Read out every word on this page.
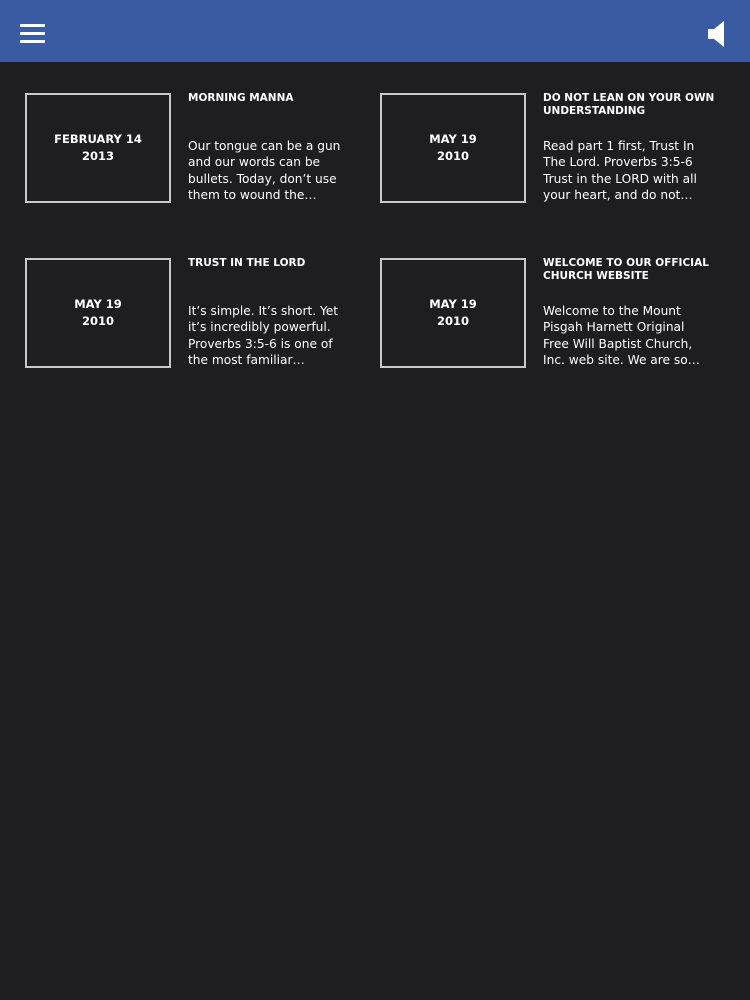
FEBRUARY 14
2013
MORNING MANNA
Our tongue can be a gun and our words can be bullets. Today, don’t use them to wound the…
MAY 19
2010
DO NOT LEAN ON YOUR OWN UNDERSTANDING
Read part 1 first, Trust In The Lord. Proverbs 3:5-6 Trust in the LORD with all your heart, and do not…
MAY 19
2010
TRUST IN THE LORD
It’s simple. It’s short. Yet it’s incredibly powerful. Proverbs 3:5-6 is one of the most familiar…
MAY 19
2010
WELCOME TO OUR OFFICIAL CHURCH WEBSITE
Welcome to the Mount Pisgah Harnett Original Free Will Baptist Church, Inc. web site. We are so…
